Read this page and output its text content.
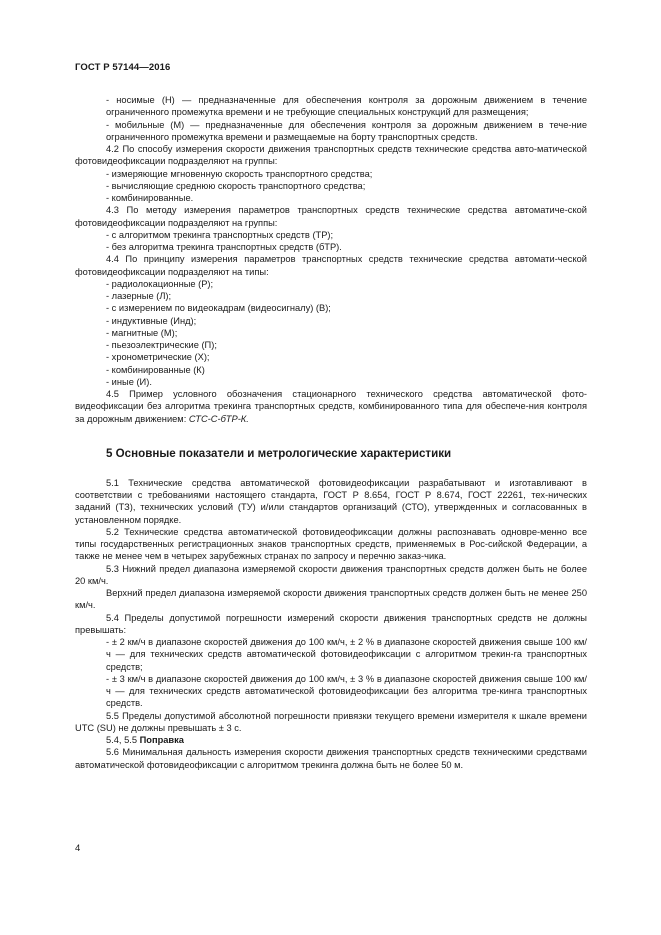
ГОСТ Р 57144—2016

- носимые (Н) — предназначенные для обеспечения контроля за дорожным движением в течение ограниченного промежутка времени и не требующие специальных конструкций для размещения;

- мобильные (М) — предназначенные для обеспечения контроля за дорожным движением в тече-ние ограниченного промежутка времени и размещаемые на борту транспортных средств.

4.2 По способу измерения скорости движения транспортных средств технические средства авто-матической фотовидеофиксации подразделяют на группы:

- измеряющие мгновенную скорость транспортного средства;

- вычисляющие среднюю скорость транспортного средства;

- комбинированные.

4.3 По методу измерения параметров транспортных средств технические средства автоматиче-ской фотовидеофиксации подразделяют на группы:

- с алгоритмом трекинга транспортных средств (ТР);

- без алгоритма трекинга транспортных средств (бТР).

4.4 По принципу измерения параметров транспортных средств технические средства автомати-ческой фотовидеофиксации подразделяют на типы:

- радиолокационные (Р);

- лазерные (Л);

- с измерением по видеокадрам (видеосигналу) (В);

- индуктивные (Инд);

- магнитные (М);

- пьезоэлектрические (П);

- хронометрические (Х);

- комбинированные (К)

- иные (И).

4.5 Пример условного обозначения стационарного технического средства автоматической фото-видеофиксации без алгоритма трекинга транспортных средств, комбинированного типа для обеспече-ния контроля за дорожным движением: СТС-С-бТР-К.

5 Основные показатели и метрологические характеристики

5.1 Технические средства автоматической фотовидеофиксации разрабатывают и изготавливают в соответствии с требованиями настоящего стандарта, ГОСТ Р 8.654, ГОСТ Р 8.674, ГОСТ 22261, тех-нических заданий (ТЗ), технических условий (ТУ) и/или стандартов организаций (СТО), утвержденных и согласованных в установленном порядке.

5.2 Технические средства автоматической фотовидеофиксации должны распознавать одновре-менно все типы государственных регистрационных знаков транспортных средств, применяемых в Рос-сийской Федерации, а также не менее чем в четырех зарубежных странах по запросу и перечню заказ-чика.

5.3 Нижний предел диапазона измеряемой скорости движения транспортных средств должен быть не более 20 км/ч.

Верхний предел диапазона измеряемой скорости движения транспортных средств должен быть не менее 250 км/ч.

5.4 Пределы допустимой погрешности измерений скорости движения транспортных средств не должны превышать:

- ± 2 км/ч в диапазоне скоростей движения до 100 км/ч, ± 2 % в диапазоне скоростей движения свыше 100 км/ч — для технических средств автоматической фотовидеофиксации с алгоритмом трекин-га транспортных средств;

- ± 3 км/ч в диапазоне скоростей движения до 100 км/ч, ± 3 % в диапазоне скоростей движения свыше 100 км/ч — для технических средств автоматической фотовидеофиксации без алгоритма тре-кинга транспортных средств.

5.5 Пределы допустимой абсолютной погрешности привязки текущего времени измерителя к шкале времени UTC (SU) не должны превышать ± 3 с.

5.4, 5.5 Поправка

5.6 Минимальная дальность измерения скорости движения транспортных средств техническими средствами автоматической фотовидеофиксации с алгоритмом трекинга должна быть не более 50 м.

4
